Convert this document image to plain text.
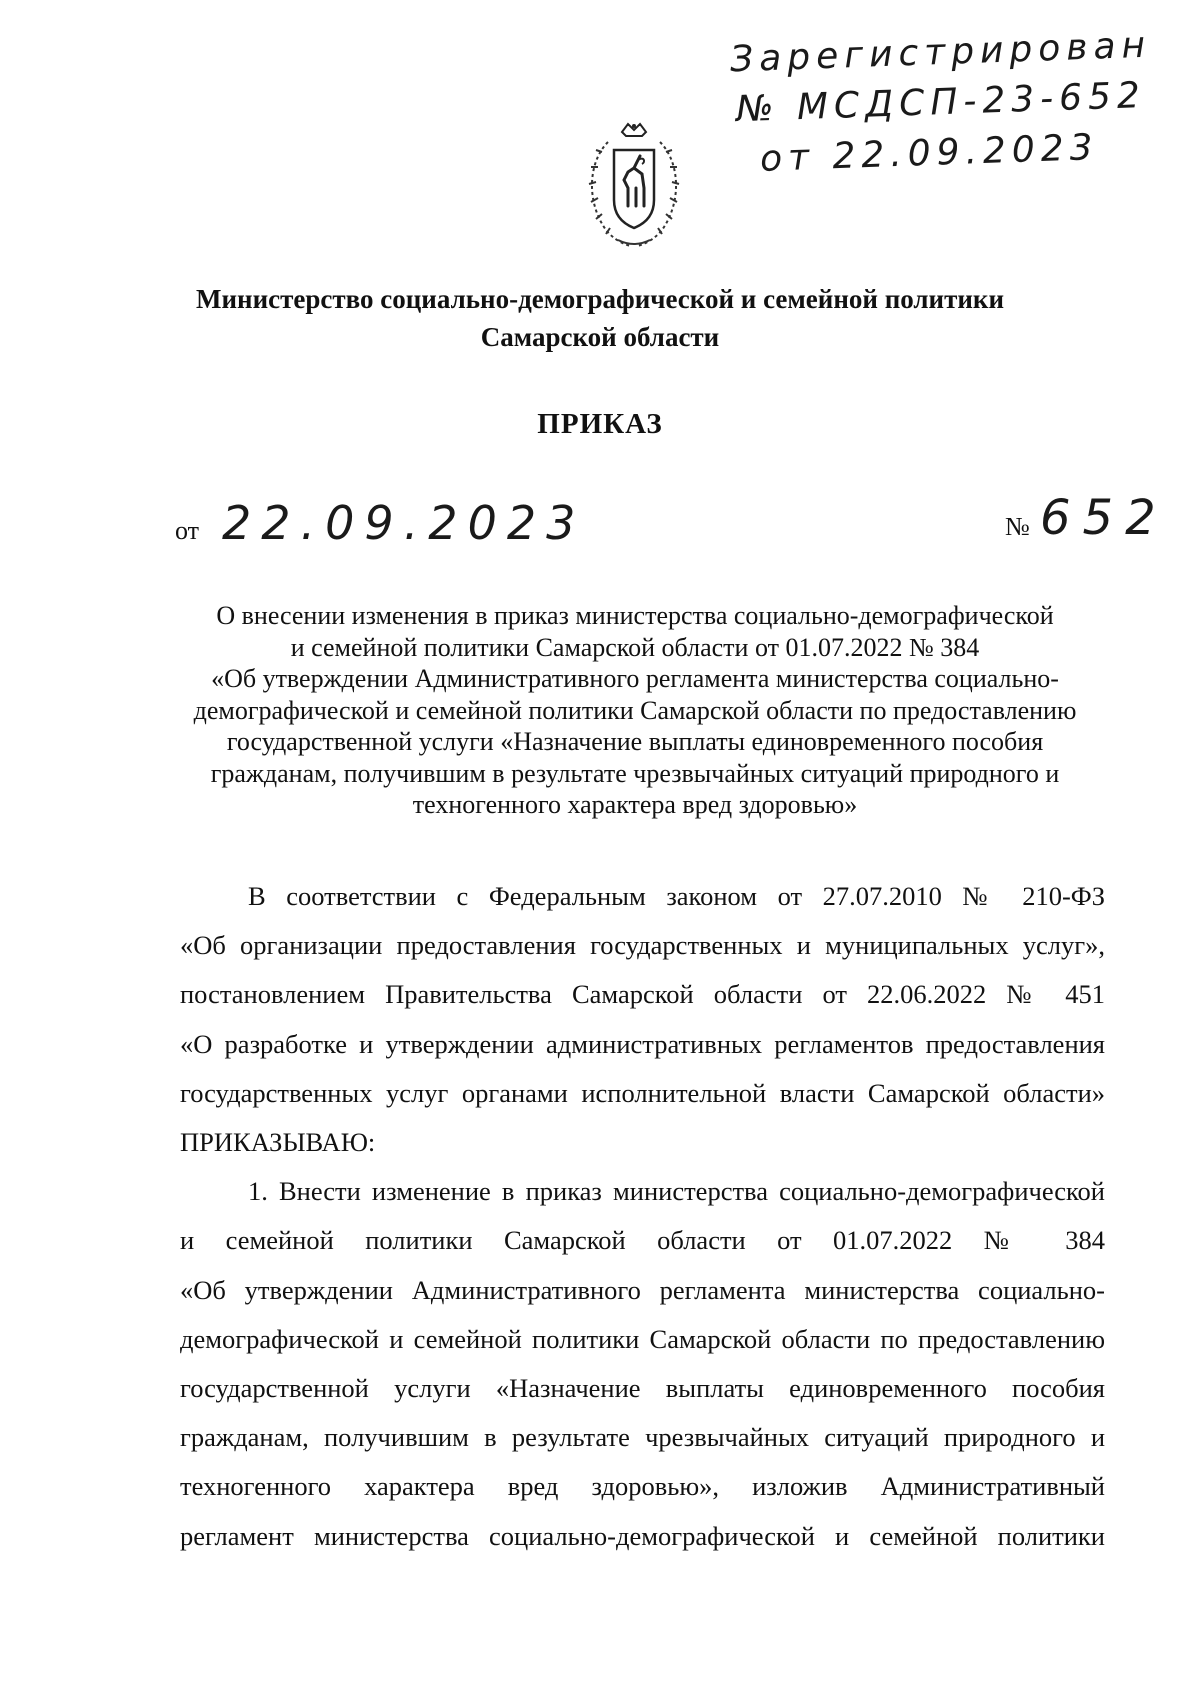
Зарегистрирован
№ МСДСП-23-652
от 22.09.2023
Министерство социально-демографической и семейной политики
Самарской области
ПРИКАЗ
от 22.09.2023	№ 652
О внесении изменения в приказ министерства социально-демографической
и семейной политики Самарской области от 01.07.2022 № 384
«Об утверждении Административного регламента министерства социально-
демографической и семейной политики Самарской области по предоставлению
государственной услуги «Назначение выплаты единовременного пособия
гражданам, получившим в результате чрезвычайных ситуаций природного и
техногенного характера вред здоровью»
В соответствии с Федеральным законом от 27.07.2010 № 210-ФЗ
«Об организации предоставления государственных и муниципальных услуг»,
постановлением Правительства Самарской области от 22.06.2022 № 451
«О разработке и утверждении административных регламентов предоставления
государственных услуг органами исполнительной власти Самарской области»
ПРИКАЗЫВАЮ:
1. Внести изменение в приказ министерства социально-демографической
и семейной политики Самарской области от 01.07.2022 № 384
«Об утверждении Административного регламента министерства социально-
демографической и семейной политики Самарской области по предоставлению
государственной услуги «Назначение выплаты единовременного пособия
гражданам, получившим в результате чрезвычайных ситуаций природного и
техногенного характера вред здоровью», изложив Административный
регламент министерства социально-демографической и семейной политики
